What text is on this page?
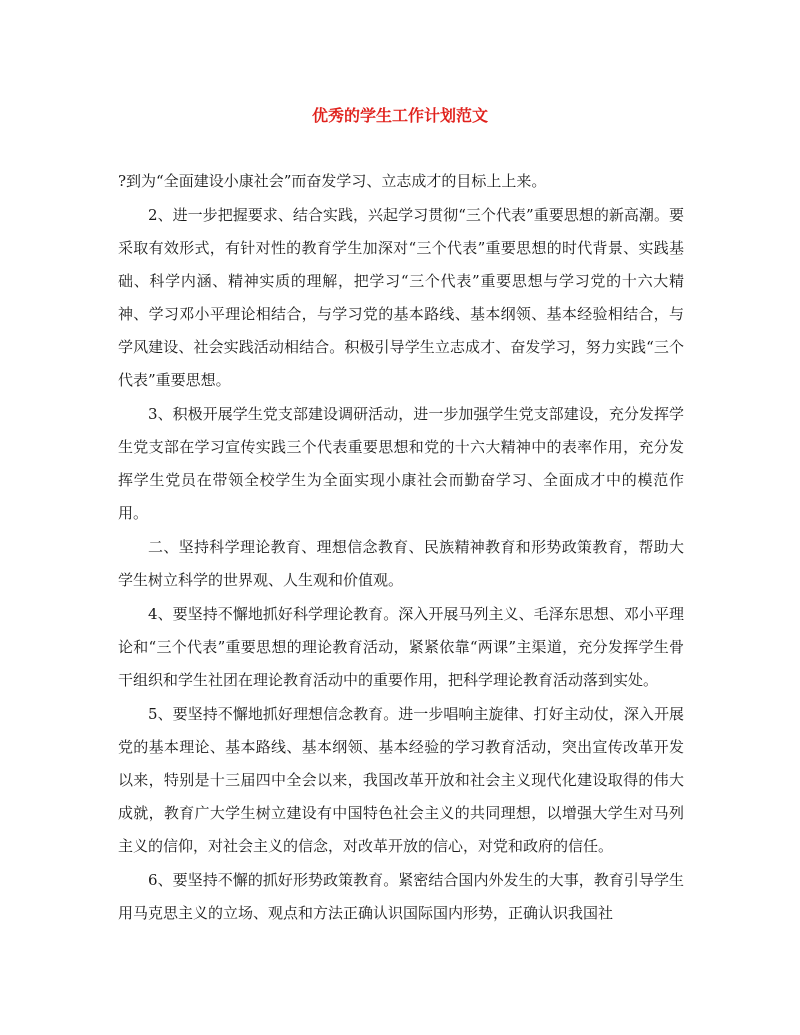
优秀的学生工作计划范文

?到为“全面建设小康社会”而奋发学习、立志成才的目标上上来。

2、进一步把握要求、结合实践，兴起学习贯彻“三个代表”重要思想的新高潮。要采取有效形式，有针对性的教育学生加深对“三个代表”重要思想的时代背景、实践基础、科学内涵、精神实质的理解，把学习“三个代表”重要思想与学习党的十六大精神、学习邓小平理论相结合，与学习党的基本路线、基本纲领、基本经验相结合，与学风建设、社会实践活动相结合。积极引导学生立志成才、奋发学习，努力实践“三个代表”重要思想。

3、积极开展学生党支部建设调研活动，进一步加强学生党支部建设，充分发挥学生党支部在学习宣传实践三个代表重要思想和党的十六大精神中的表率作用，充分发挥学生党员在带领全校学生为全面实现小康社会而勤奋学习、全面成才中的模范作用。

二、坚持科学理论教育、理想信念教育、民族精神教育和形势政策教育，帮助大学生树立科学的世界观、人生观和价值观。

4、要坚持不懈地抓好科学理论教育。深入开展马列主义、毛泽东思想、邓小平理论和“三个代表”重要思想的理论教育活动，紧紧依靠“两课”主渠道，充分发挥学生骨干组织和学生社团在理论教育活动中的重要作用，把科学理论教育活动落到实处。

5、要坚持不懈地抓好理想信念教育。进一步唱响主旋律、打好主动仗，深入开展党的基本理论、基本路线、基本纲领、基本经验的学习教育活动，突出宣传改革开发以来，特别是十三届四中全会以来，我国改革开放和社会主义现代化建设取得的伟大成就，教育广大学生树立建设有中国特色社会主义的共同理想，以增强大学生对马列主义的信仰，对社会主义的信念，对改革开放的信心，对党和政府的信任。

6、要坚持不懈的抓好形势政策教育。紧密结合国内外发生的大事，教育引导学生用马克思主义的立场、观点和方法正确认识国际国内形势，正确认识我国社
